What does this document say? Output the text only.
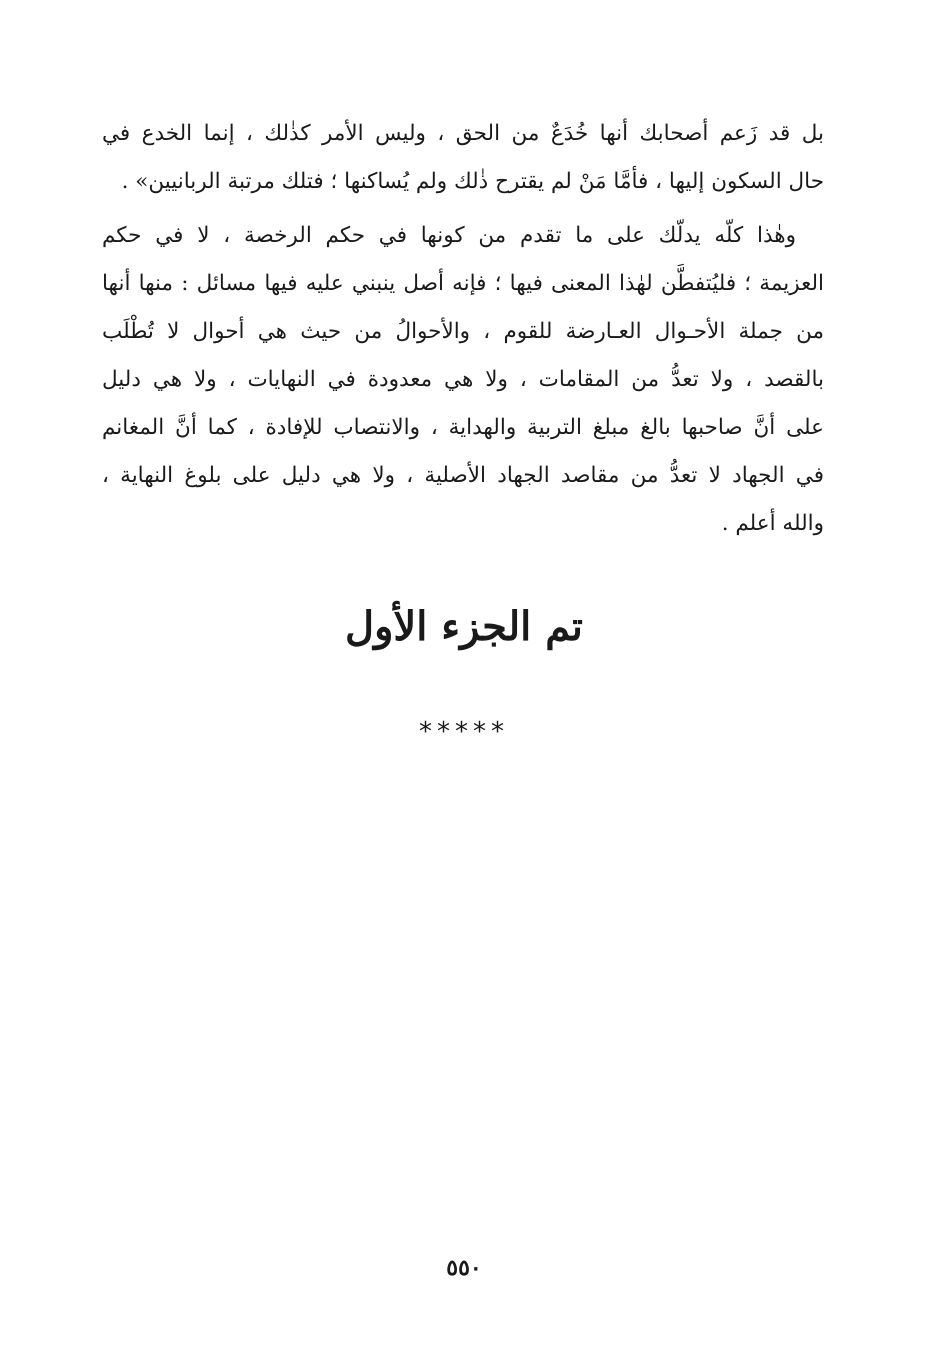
بل قد زَعم أصحابك أنها خُدَعٌ من الحق ، وليس الأمر كذٰلك ، إنما الخدع في
حال السكون إليها ، فأمَّا مَنْ لم يقترح ذٰلك ولم يُساكنها ؛ فتلك مرتبة الربانيين» .
وهٰذا كلّه يدلّك على ما تقدم من كونها في حكم الرخصة ، لا في حكم
العزيمة ؛ فليُتفطَّن لهٰذا المعنى فيها ؛ فإنه أصل ينبني عليه فيها مسائل : منها أنها
من جملة الأحـوال العـارضة للقوم ، والأحوالُ من حيث هي أحوال لا تُطْلَب
بالقصد ، ولا تعدُّ من المقامات ، ولا هي معدودة في النهايات ، ولا هي دليل
على أنَّ صاحبها بالغ مبلغ التربية والهداية ، والانتصاب للإفادة ، كما أنَّ المغانم
في الجهاد لا تعدُّ من مقاصد الجهاد الأصلية ، ولا هي دليل على بلوغ النهاية ،
والله أعلم .
تم الجزء الأول
*****
٥٥٠
